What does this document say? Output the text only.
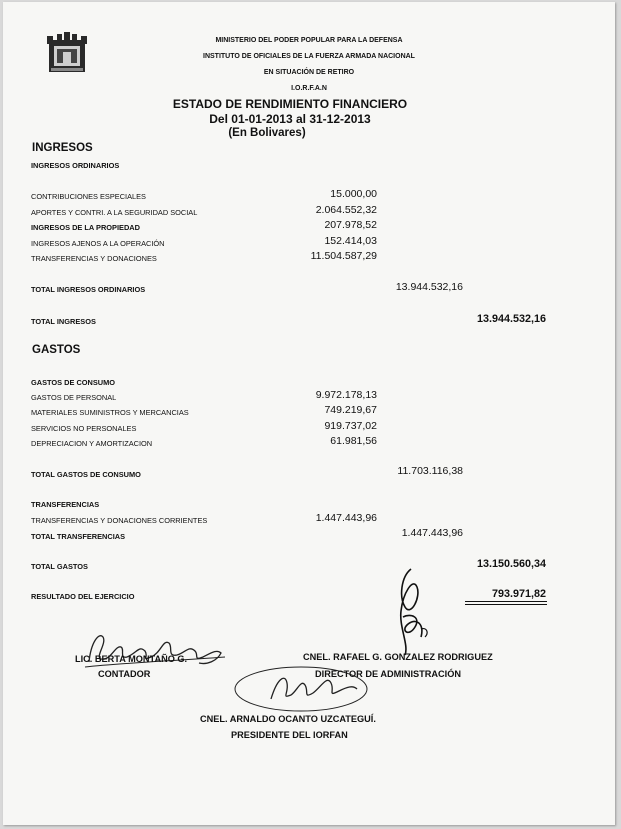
MINISTERIO DEL PODER POPULAR PARA LA DEFENSA
INSTITUTO DE OFICIALES DE LA FUERZA ARMADA NACIONAL
EN SITUACIÓN DE RETIRO
I.O.R.F.A.N
ESTADO DE RENDIMIENTO FINANCIERO
Del 01-01-2013 al 31-12-2013
(En Bolivares)
INGRESOS
INGRESOS ORDINARIOS
CONTRIBUCIONES ESPECIALES	15.000,00
APORTES Y CONTRI. A LA SEGURIDAD SOCIAL	2.064.552,32
INGRESOS DE LA PROPIEDAD	207.978,52
INGRESOS AJENOS A LA OPERACIÓN	152.414,03
TRANSFERENCIAS Y DONACIONES	11.504.587,29
TOTAL INGRESOS ORDINARIOS	13.944.532,16
TOTAL INGRESOS	13.944.532,16
GASTOS
GASTOS DE CONSUMO
GASTOS DE PERSONAL	9.972.178,13
MATERIALES SUMINISTROS Y MERCANCIAS	749.219,67
SERVICIOS NO PERSONALES	919.737,02
DEPRECIACION Y AMORTIZACION	61.981,56
TOTAL GASTOS DE CONSUMO	11.703.116,38
TRANSFERENCIAS
TRANSFERENCIAS Y DONACIONES CORRIENTES	1.447.443,96
TOTAL TRANSFERENCIAS	1.447.443,96
TOTAL GASTOS	13.150.560,34
RESULTADO DEL EJERCICIO	793.971,82
LIC. BERTA MONTAÑO G.
CONTADOR
CNEL. RAFAEL G. GONZALEZ RODRIGUEZ
DIRECTOR DE ADMINISTRACIÓN
CNEL. ARNALDO OCANTO UZCATEGUÍ.
PRESIDENTE DEL IORFAN
